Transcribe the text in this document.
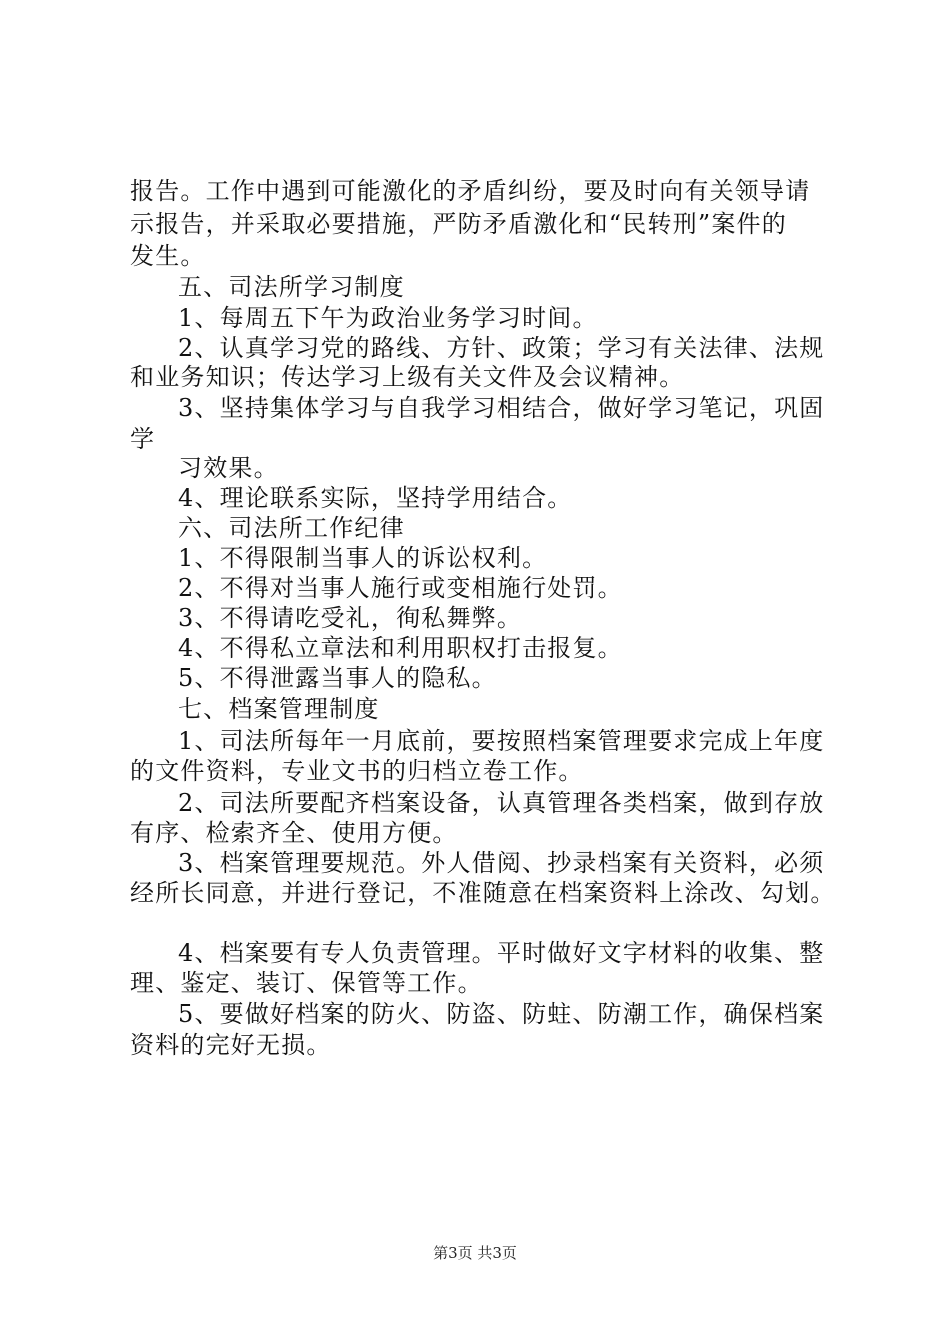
报告。工作中遇到可能激化的矛盾纠纷，要及时向有关领导请
示报告，并采取必要措施，严防矛盾激化和“民转刑”案件的
发生。
五、司法所学习制度
1、每周五下午为政治业务学习时间。
2、认真学习党的路线、方针、政策；学习有关法律、法规
和业务知识；传达学习上级有关文件及会议精神。
3、坚持集体学习与自我学习相结合，做好学习笔记，巩固
学
习效果。
4、理论联系实际，坚持学用结合。
六、司法所工作纪律
1、不得限制当事人的诉讼权利。
2、不得对当事人施行或变相施行处罚。
3、不得请吃受礼，徇私舞弊。
4、不得私立章法和利用职权打击报复。
5、不得泄露当事人的隐私。
七、档案管理制度
1、司法所每年一月底前，要按照档案管理要求完成上年度
的文件资料，专业文书的归档立卷工作。
2、司法所要配齐档案设备，认真管理各类档案，做到存放
有序、检索齐全、使用方便。
3、档案管理要规范。外人借阅、抄录档案有关资料，必须
经所长同意，并进行登记，不准随意在档案资料上涂改、勾划。
4、档案要有专人负责管理。平时做好文字材料的收集、整
理、鉴定、装订、保管等工作。
5、要做好档案的防火、防盗、防蛀、防潮工作，确保档案
资料的完好无损。
第3页 共3页
